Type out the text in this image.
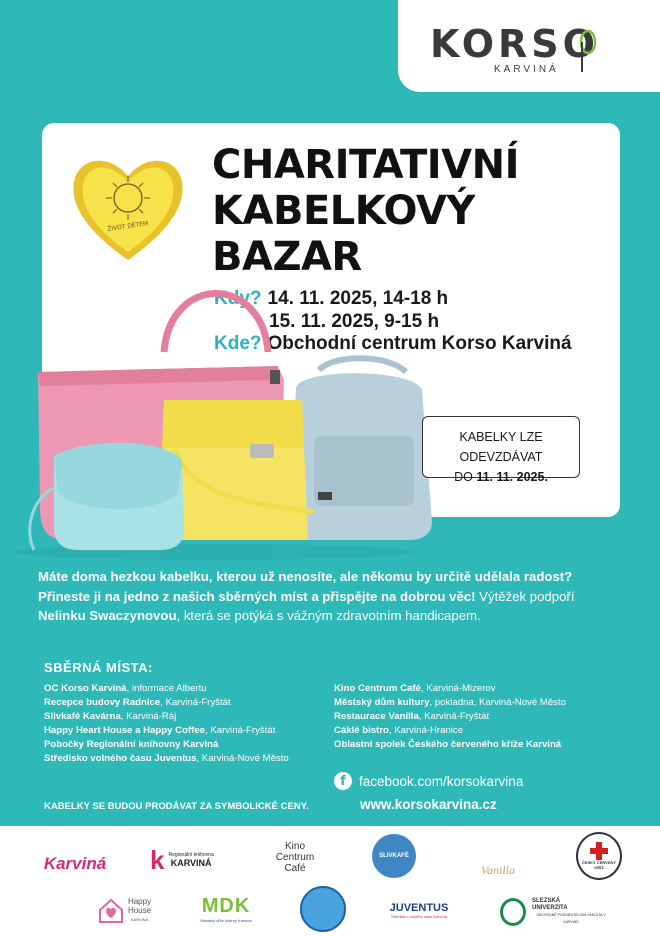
KORSO
KARVINÁ
ŽIVOT DĚTEM
CHARITATIVNÍ
KABELKOVÝ
BAZAR
Kdy? 14. 11. 2025, 14-18 h
15. 11. 2025, 9-15 h
Kde? Obchodní centrum Korso Karviná
KABELKY LZE ODEVZDÁVAT
DO 11. 11. 2025.
Máte doma hezkou kabelku, kterou už nenosíte, ale někomu by určitě udělala radost?
Přineste ji na jedno z našich sběrných míst a přispějte na dobrou věc! Výtěžek podpoří
Nelinku Swaczynovou, která se potýká s vážným zdravotním handicapem.
SBĚRNÁ MÍSTA:
OC Korso Karviná, informace Albertu
Recepce budovy Radnice, Karviná-Fryštát
Slivkafé Kavárna, Karviná-Ráj
Happy Heart House a Happy Coffee, Karviná-Fryštát
Pobočky Regionální knihovny Karviná
Středisko volného času Juventus, Karviná-Nové Město
Kino Centrum Café, Karviná-Mizerov
Městský dům kultury, pokladna, Karviná-Nové Město
Restaurace Vanilla, Karviná-Fryštát
Cáklé bistro, Karviná-Hranice
Oblastní spolek Českého červeného kříže Karviná
f facebook.com/korsokarvina
www.korsokarvina.cz
KABELKY SE BUDOU PRODÁVAT ZA SYMBOLICKÉ CENY.
Karviná k Regionální knihovna
KARVINÁ
Kino
Centrum
Café
SLIVKAFÉ
Vanilla
ČESKÝ ČERVENÝ KŘÍŽ
Happy
House
KARVINÁ
MDK
Městský dům kultury Karviná
JUVENTUS
Středisko volného času Karviná
SLEZSKÁ
UNIVERZITA
OBCHODNĚ PODNIKATELSKÁ FAKULTA V KARVINÉ
